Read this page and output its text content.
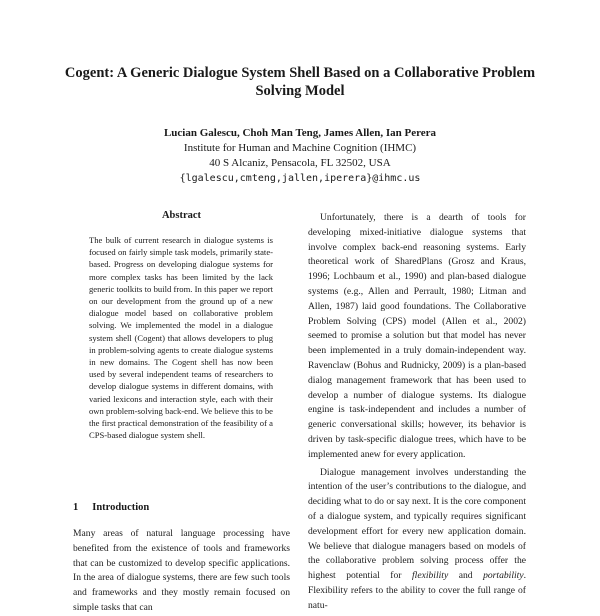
Cogent: A Generic Dialogue System Shell Based on a Collaborative Problem Solving Model
Lucian Galescu, Choh Man Teng, James Allen, Ian Perera
Institute for Human and Machine Cognition (IHMC)
40 S Alcaniz, Pensacola, FL 32502, USA
{lgalescu,cmteng,jallen,iperera}@ihmc.us
Abstract

The bulk of current research in dialogue systems is focused on fairly simple task models, primarily state-based. Progress on developing dialogue systems for more complex tasks has been limited by the lack generic toolkits to build from. In this paper we report on our development from the ground up of a new dialogue model based on collaborative problem solving. We implemented the model in a dialogue system shell (Cogent) that allows developers to plug in problem-solving agents to create dialogue systems in new domains. The Cogent shell has now been used by several independent teams of researchers to develop dialogue systems in different domains, with varied lexicons and interaction style, each with their own problem-solving back-end. We believe this to be the first practical demonstration of the feasibility of a CPS-based dialogue system shell.

1 Introduction

Many areas of natural language processing have benefited from the existence of tools and frameworks that can be customized to develop specific applications. In the area of dialogue systems, there are few such tools and frameworks and they mostly remain focused on simple tasks that can

Unfortunately, there is a dearth of tools for developing mixed-initiative dialogue systems that involve complex back-end reasoning systems. Early theoretical work of SharedPlans (Grosz and Kraus, 1996; Lochbaum et al., 1990) and plan-based dialogue systems (e.g., Allen and Perrault, 1980; Litman and Allen, 1987) laid good foundations. The Collaborative Problem Solving (CPS) model (Allen et al., 2002) seemed to promise a solution but that model has never been implemented in a truly domain-independent way. Ravenclaw (Bohus and Rudnicky, 2009) is a plan-based dialog management framework that has been used to develop a number of dialogue systems. Its dialogue engine is task-independent and includes a number of generic conversational skills; however, its behavior is driven by task-specific dialogue trees, which have to be implemented anew for every application.

Dialogue management involves understanding the intention of the user’s contributions to the dialogue, and deciding what to do or say next. It is the core component of a dialogue system, and typically requires significant development effort for every new application domain. We believe that dialogue managers based on models of the collaborative problem solving process offer the highest potential for flexibility and portability. Flexibility refers to the ability to cover the full range of natu-
